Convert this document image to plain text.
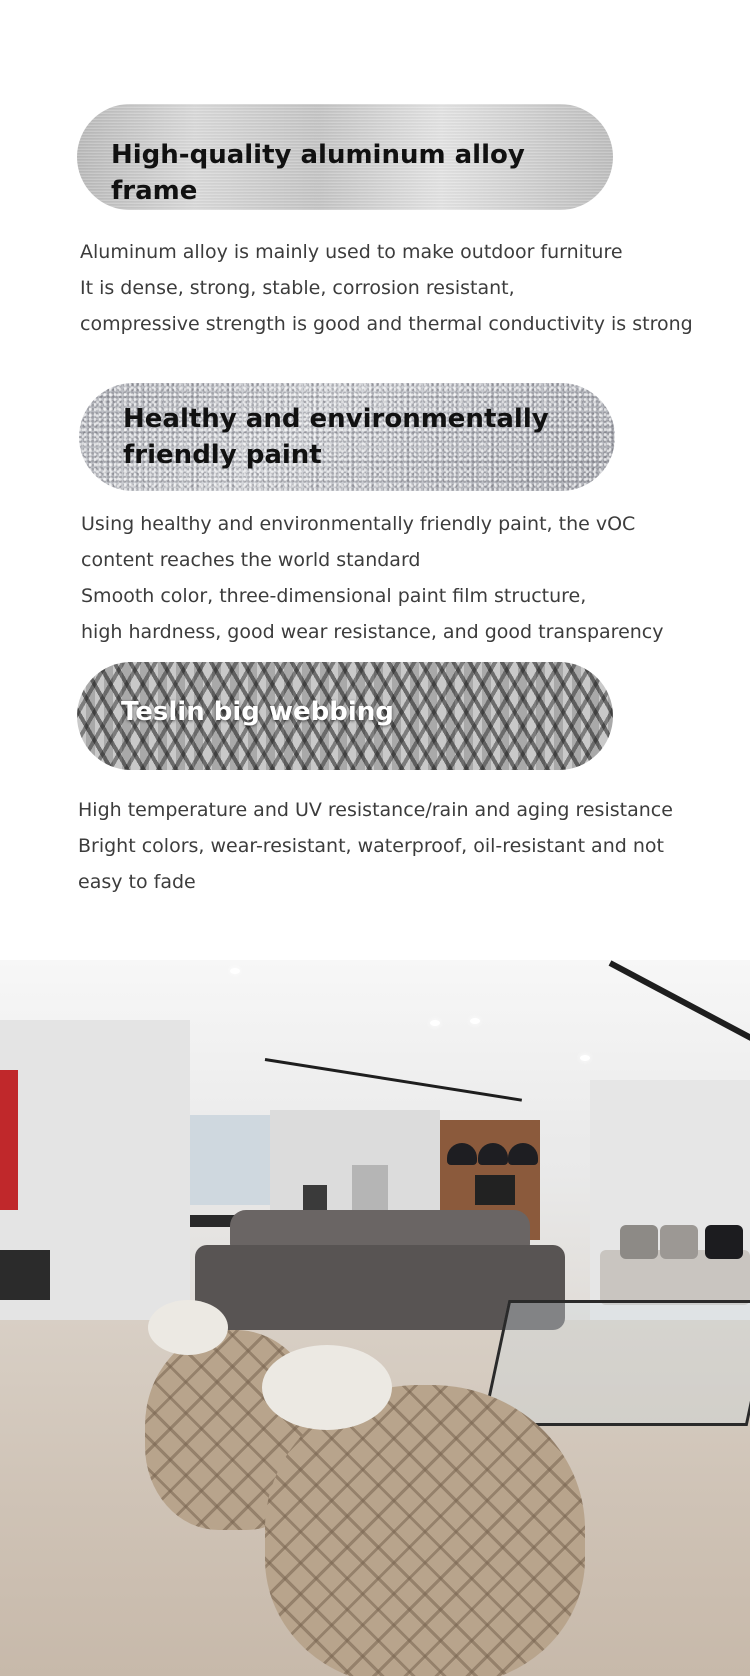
High-quality aluminum alloy frame
Aluminum alloy is mainly used to make outdoor furniture
It is dense, strong, stable, corrosion resistant,
compressive strength is good and thermal conductivity is strong
Healthy and environmentally
friendly paint
Using healthy and environmentally friendly paint, the vOC
content reaches the world standard
Smooth color, three-dimensional paint film structure,
high hardness, good wear resistance, and good transparency
Teslin big webbing
High temperature and UV resistance/rain and aging resistance
Bright colors, wear-resistant, waterproof, oil-resistant and not
easy to fade
